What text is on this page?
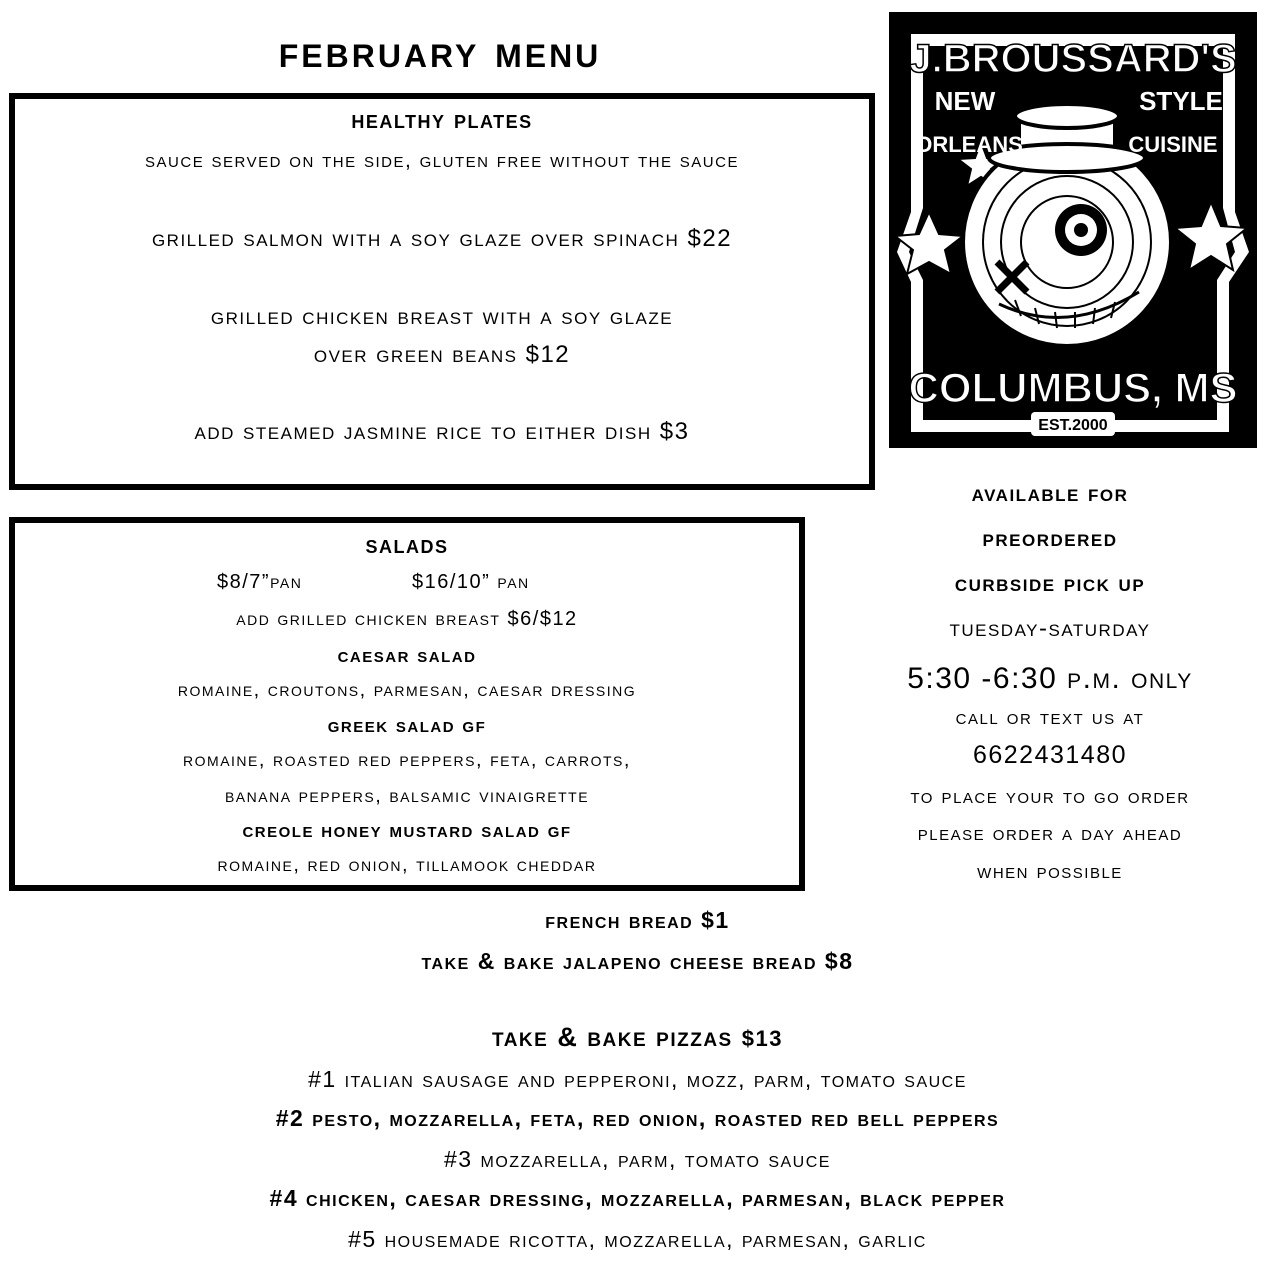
february menu
healthy plates
sauce served on the side, gluten free without the sauce
grilled salmon with a soy glaze over spinach $22
grilled chicken breast with a soy glaze
over green beans $12
add steamed jasmine rice to either dish $3
salads
$8/7”pan	$16/10” pan
add grilled chicken breast $6/$12
caesar salad
romaine, croutons, parmesan, caesar dressing
greek salad gf
romaine, roasted red peppers, feta, carrots,
banana peppers, balsamic vinaigrette
creole honey mustard salad gf
romaine, red onion, tillamook cheddar
J.BROUSSARD'S
NEW	STYLE
ORLEANS	CUISINE
COLUMBUS, MS
EST.2000
available for
preordered
curbside pick up
tuesday-saturday
5:30 -6:30 p.m. only
call or text us at
6622431480
to place your to go order
please order a day ahead
when possible
french bread $1
take & bake jalapeno cheese bread $8
take & bake pizzas $13
#1 italian sausage and pepperoni, mozz, parm, tomato sauce
#2 pesto, mozzarella, feta, red onion, roasted red bell peppers
#3 mozzarella, parm, tomato sauce
#4 chicken, caesar dressing, mozzarella, parmesan, black pepper
#5 housemade ricotta, mozzarella, parmesan, garlic
